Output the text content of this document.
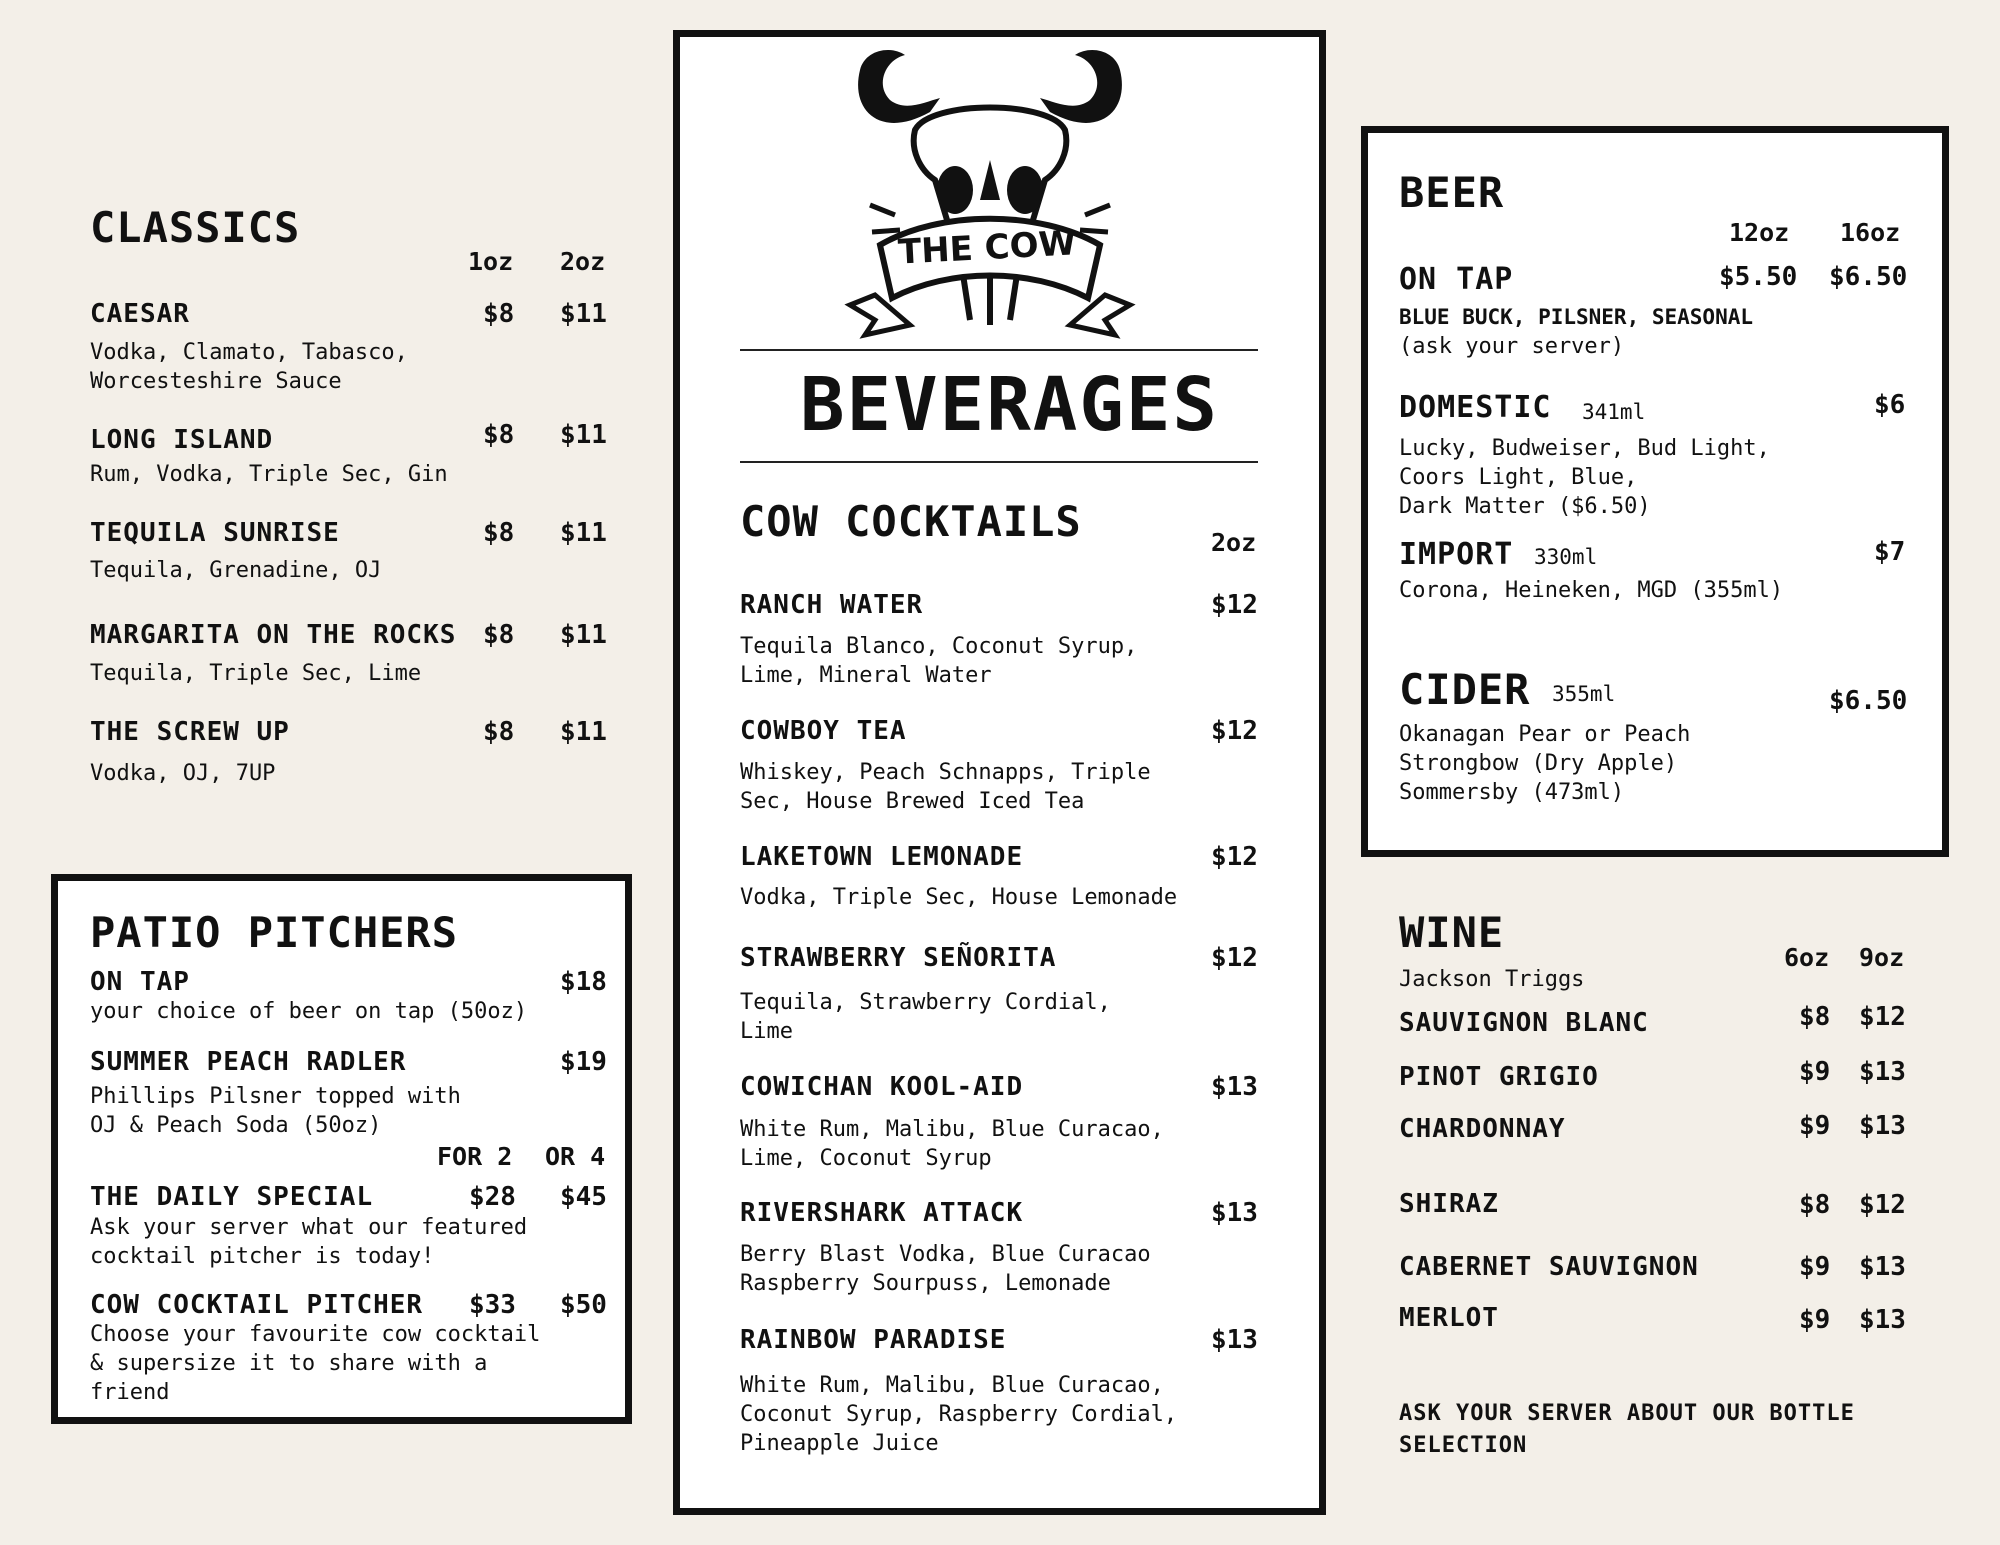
CLASSICS
1oz 2oz
CAESAR	$8 $11
Vodka, Clamato, Tabasco,
Worcesteshire Sauce
LONG ISLAND	$8 $11
Rum, Vodka, Triple Sec, Gin
TEQUILA SUNRISE	$8 $11
Tequila, Grenadine, OJ
MARGARITA ON THE ROCKS $8 $11
Tequila, Triple Sec, Lime
THE SCREW UP	$8 $11
Vodka, OJ, 7UP
PATIO PITCHERS
ON TAP	$18
your choice of beer on tap (50oz)
SUMMER PEACH RADLER	$19
Phillips Pilsner topped with
OJ & Peach Soda (50oz)
FOR 2 OR 4
THE DAILY SPECIAL	$28 $45
Ask your server what our featured
cocktail pitcher is today!
COW COCKTAIL PITCHER $33 $50
Choose your favourite cow cocktail
& supersize it to share with a
friend
THE COW
BEVERAGES
COW COCKTAILS	2oz
RANCH WATER	$12
Tequila Blanco, Coconut Syrup,
Lime, Mineral Water
COWBOY TEA	$12
Whiskey, Peach Schnapps, Triple
Sec, House Brewed Iced Tea
LAKETOWN LEMONADE	$12
Vodka, Triple Sec, House Lemonade
STRAWBERRY SEÑORITA	$12
Tequila, Strawberry Cordial,
Lime
COWICHAN KOOL-AID	$13
White Rum, Malibu, Blue Curacao,
Lime, Coconut Syrup
RIVERSHARK ATTACK	$13
Berry Blast Vodka, Blue Curacao
Raspberry Sourpuss, Lemonade
RAINBOW PARADISE	$13
White Rum, Malibu, Blue Curacao,
Coconut Syrup, Raspberry Cordial,
Pineapple Juice
BEER
12oz 16oz
ON TAP	$5.50 $6.50
BLUE BUCK, PILSNER, SEASONAL
(ask your server)
DOMESTIC 341ml	$6
Lucky, Budweiser, Bud Light,
Coors Light, Blue,
Dark Matter ($6.50)
IMPORT 330ml	$7
Corona, Heineken, MGD (355ml)
CIDER 355ml	$6.50
Okanagan Pear or Peach
Strongbow (Dry Apple)
Sommersby (473ml)
WINE
6oz 9oz
Jackson Triggs
SAUVIGNON BLANC	$8 $12
PINOT GRIGIO	$9 $13
CHARDONNAY	$9 $13
SHIRAZ	$8 $12
CABERNET SAUVIGNON	$9 $13
MERLOT	$9 $13
ASK YOUR SERVER ABOUT OUR BOTTLE
SELECTION
